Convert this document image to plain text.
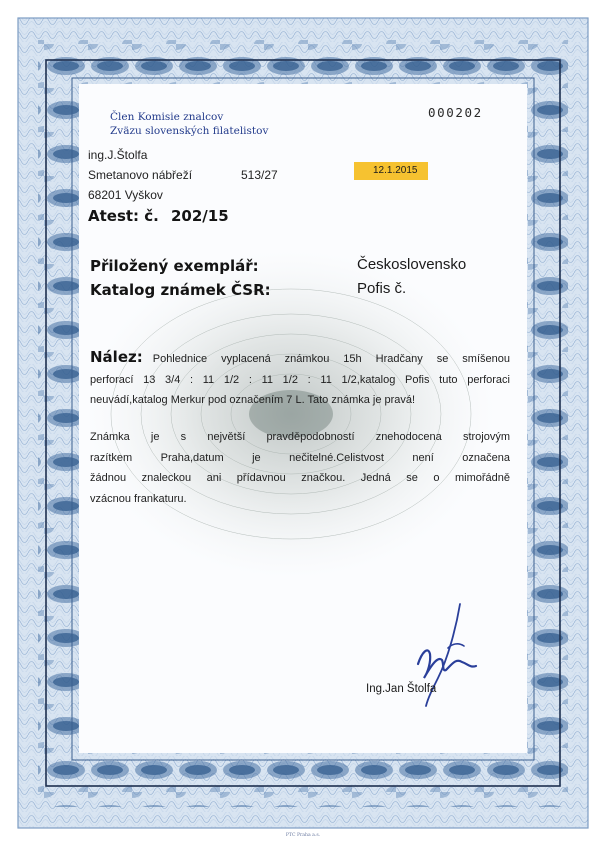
Člen Komisie znalcov
Zväzu slovenských filatelistov
000202
ing.J.Štolfa
Smetanovo nábřeží	513/27
68201 Vyškov
12.1.2015
Atest: č. 202/15
Přiložený exemplář:	Československo
Katalog známek ČSR:	Pofis č.
Nález: Pohlednice vyplacená známkou 15h Hradčany se smíšenou
perforací 13 3/4 : 11 1/2 : 11 1/2 : 11 1/2,katalog Pofis tuto perforaci
neuvádí,katalog Merkur pod označením 7 L. Tato známka je pravá!
Známka je s největší pravděpodobností znehodocena strojovým
razítkem Praha,datum je nečitelné.Celistvost není označena
žádnou znaleckou ani přídavnou značkou. Jedná se o mimořádně
vzácnou frankaturu.
Ing.Jan Štolfa
PTC Praha a.s.
